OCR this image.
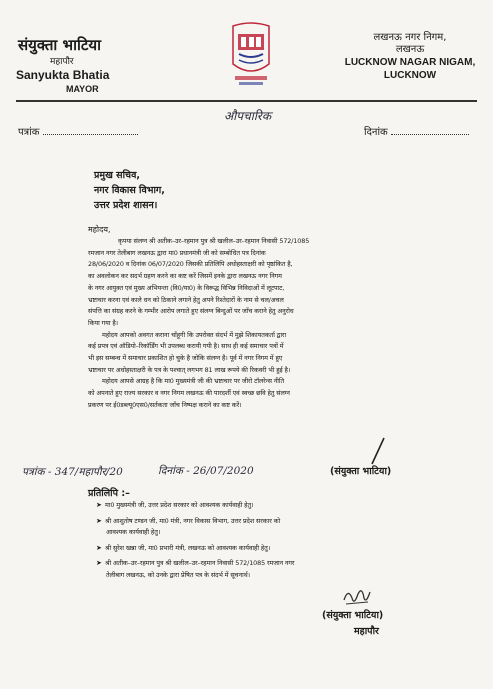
संयुक्ता भाटिया
महापौर
Sanyukta Bhatia
MAYOR
लखनऊ नगर निगम,
लखनऊ
LUCKNOW NAGAR NIGAM,
LUCKNOW
औपचारिक
पत्रांक	दिनांक
प्रमुख सचिव,
नगर विकास विभाग,
उत्तर प्रदेश शासन।
महोदय,
कृपया संलग्न श्री अतीक–उर–रहमान पुत्र श्री खलील–उर–रहमान निवासी 572/1085
रमजान नगर तेलीबाग लखनऊ द्वारा मा0 प्रधानमंत्री जी को सम्बोधित पत्र दिनांक
28/06/2020 व दिनांक 06/07/2020 जिसकी प्रतिलिपि अधोहस्ताक्षरी को पृष्ठांकित है,
का अवलोकन कर सदर्भ ग्रहण करने का कष्ट करें जिसमें इनके द्वारा लखनऊ नगर निगम
के नगर आयुक्त एवं मुख्य अभियन्ता (वि0/या0) के विरूद्ध विभिन्न निविदाओं में लूटपाट,
भ्रष्टाचार करना एवं काले धन को ठिकाने लगाने हेतु अपने रिश्तेदारों के नाम से चल/अचल
संपत्ति का संग्रह करने के गम्भीर आरोप लगाते हुए संलग्न बिन्दुओं पर जाँच कराने हेतु अनुरोध
किया गया है।
महोदय आपको अवगत कराना चाँहूगी कि उपरोक्त संदर्भ में मुझे शिकायतकर्ता द्वारा
कई प्रपत्र एवं ऑडियो–रिकॉर्डिंग भी उपलब्ध करायी गयी है। साथ ही कई समाचार पत्रों में
भी इस सम्बन्ध में समाचार प्रकाशित हो चुके है जोकि संलग्न है। पूर्व में नगर निगम में हुए
भ्रष्टाचार पर अधोहस्ताक्षरी के पत्र के पश्चात् लगभग 81 लाख रूपये की रिकवरी भी हुई है।
महोदय आपसे आग्रह है कि मा0 मुख्यमंत्री जी की भ्रष्टाचार पर जीरो टॉलरेन्स नीति
को अपनाते हुए राज्य सरकार व नगर निगम लखनऊ की पारदर्शी एवं स्वच्छ छवि हेतु संलग्न
प्रकरण पर ई0डब्ल्यू0एस0/सर्तकता जाँच निष्पक्ष कराने का कष्ट करें।
पत्रांक - 347/महापौर/20	दिनांक - 26/07/2020	(संयुक्ता भाटिया)
प्रतिलिपि :–
➤ मा0 मुख्यमंत्री जी, उत्तर प्रदेश सरकार को आवश्यक कार्यवाही हेतु।
➤ श्री आशुतोष टण्डन जी, मा0 मंत्री, नगर विकास विभाग, उत्तर प्रदेश सरकार को
आवश्यक कार्यवाही हेतु।
➤ श्री सुरेश खन्ना जी, मा0 प्रभारी मंत्री, लखनऊ को आवश्यक कार्यवाही हेतु।
➤ श्री अतीक–उर–रहमान पुत्र श्री खलील–उर–रहमान निवासी 572/1085 रमजान नगर
तेलीबाग लखनऊ, को उनके द्वारा प्रेषित पत्र के संदर्भ में सूचनार्थ।
(संयुक्ता भाटिया)
महापौर
